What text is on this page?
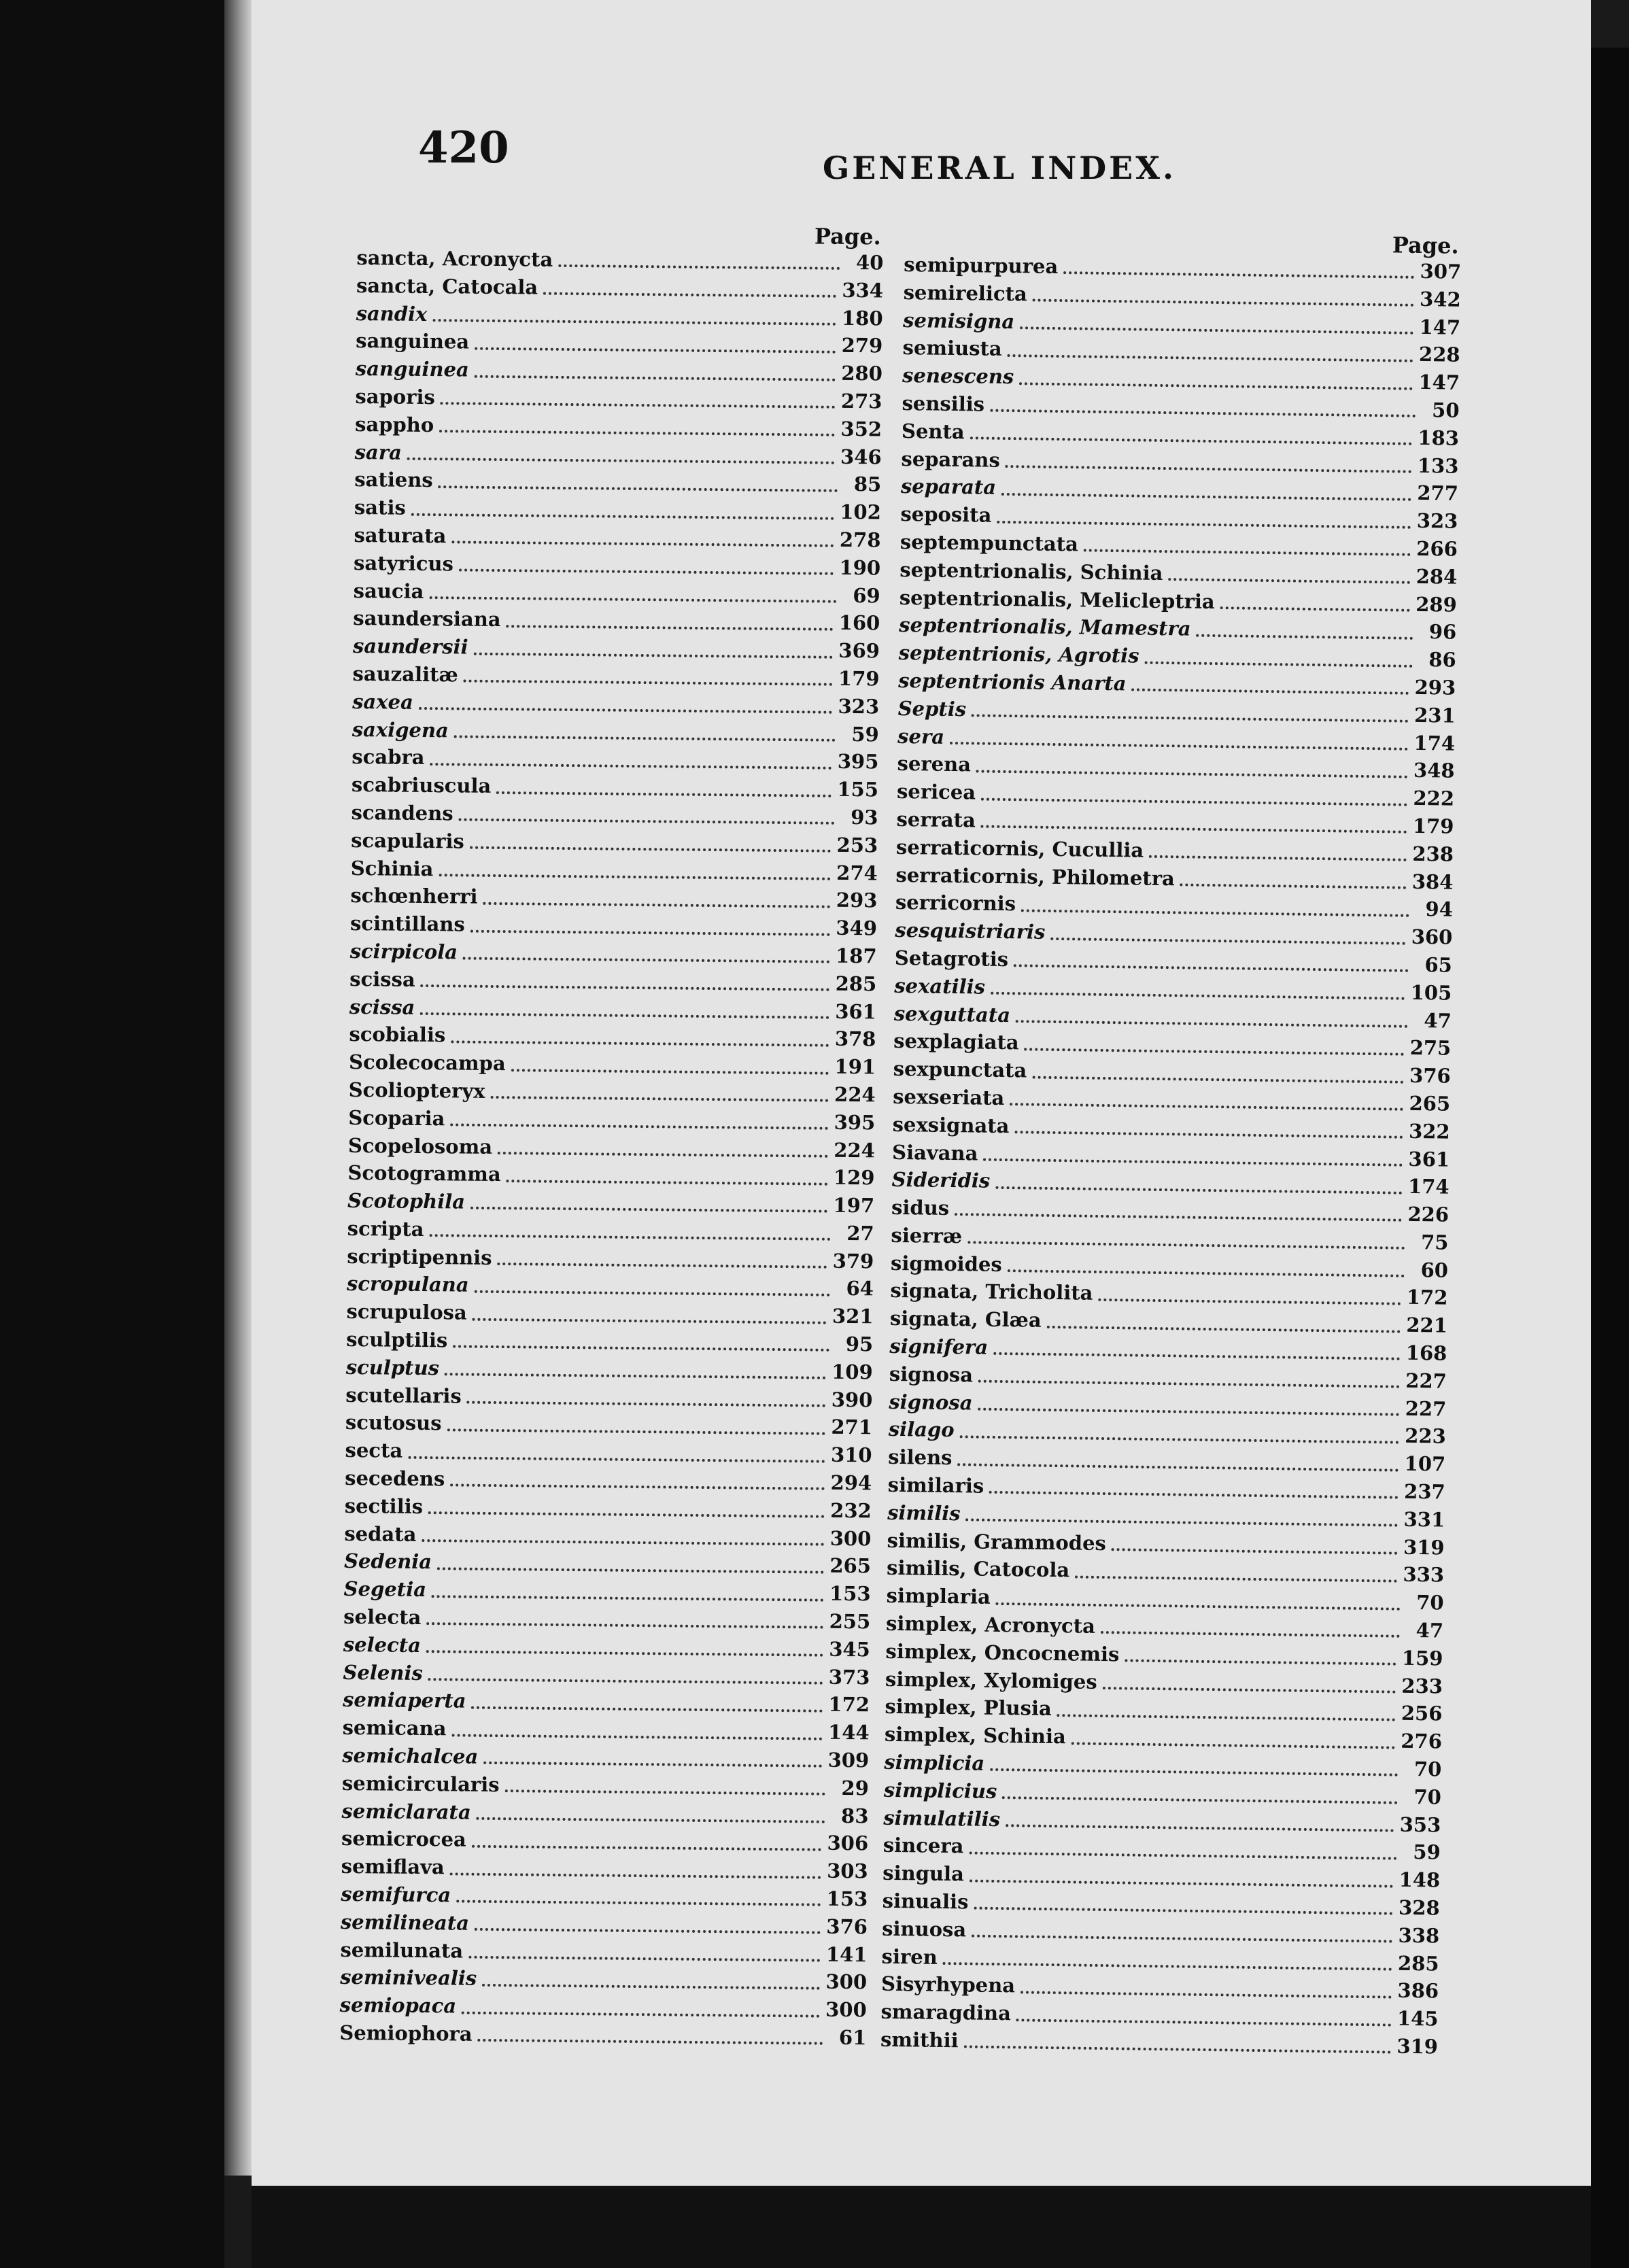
420	GENERAL INDEX.
Page.
sancta, Acronycta	40
sancta, Catocala	334
sandix	180
sanguinea	279
sanguinea	280
saporis	273
sappho	352
sara	346
satiens	85
satis	102
saturata	278
satyricus	190
saucia	69
saundersiana	160
saundersii	369
sauzalitæ	179
saxea	323
saxigena	59
scabra	395
scabriuscula	155
scandens	93
scapularis	253
Schinia	274
schœnherri	293
scintillans	349
scirpicola	187
scissa	285
scissa	361
scobialis	378
Scolecocampa	191
Scoliopteryx	224
Scoparia	395
Scopelosoma	224
Scotogramma	129
Scotophila	197
scripta	27
scriptipennis	379
scropulana	64
scrupulosa	321
sculptilis	95
sculptus	109
scutellaris	390
scutosus	271
secta	310
secedens	294
sectilis	232
sedata	300
Sedenia	265
Segetia	153
selecta	255
selecta	345
Selenis	373
semiaperta	172
semicana	144
semichalcea	309
semicircularis	29
semiclarata	83
semicrocea	306
semiflava	303
semifurca	153
semilineata	376
semilunata	141
seminivealis	300
semiopaca	300
Semiophora	61
Page.
semipurpurea	307
semirelicta	342
semisigna	147
semiusta	228
senescens	147
sensilis	50
Senta	183
separans	133
separata	277
seposita	323
septempunctata	266
septentrionalis, Schinia	284
septentrionalis, Melicleptria	289
septentrionalis, Mamestra	96
septentrionis, Agrotis	86
septentrionis Anarta	293
Septis	231
sera	174
serena	348
sericea	222
serrata	179
serraticornis, Cucullia	238
serraticornis, Philometra	384
serricornis	94
sesquistriaris	360
Setagrotis	65
sexatilis	105
sexguttata	47
sexplagiata	275
sexpunctata	376
sexseriata	265
sexsignata	322
Siavana	361
Sideridis	174
sidus	226
sierræ	75
sigmoides	60
signata, Tricholita	172
signata, Glæa	221
signifera	168
signosa	227
signosa	227
silago	223
silens	107
similaris	237
similis	331
similis, Grammodes	319
similis, Catocola	333
simplaria	70
simplex, Acronycta	47
simplex, Oncocnemis	159
simplex, Xylomiges	233
simplex, Plusia	256
simplex, Schinia	276
simplicia	70
simplicius	70
simulatilis	353
sincera	59
singula	148
sinualis	328
sinuosa	338
siren	285
Sisyrhypena	386
smaragdina	145
smithii	319
